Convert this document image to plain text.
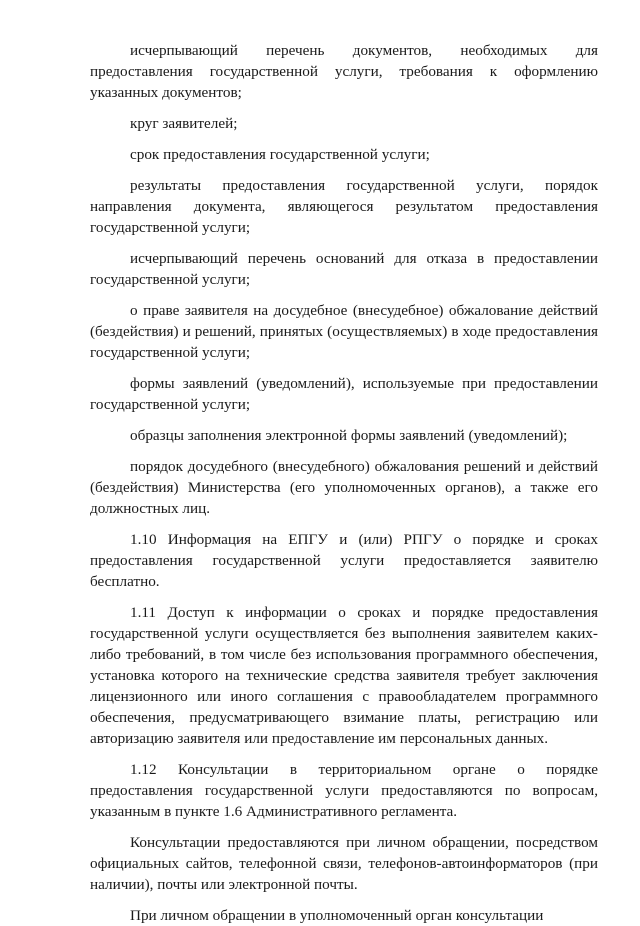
исчерпывающий перечень документов, необходимых для предоставления государственной услуги, требования к оформлению указанных документов;

круг заявителей;

срок предоставления государственной услуги;

результаты предоставления государственной услуги, порядок направления документа, являющегося результатом предоставления государственной услуги;

исчерпывающий перечень оснований для отказа в предоставлении государственной услуги;

о праве заявителя на досудебное (внесудебное) обжалование действий (бездействия) и решений, принятых (осуществляемых) в ходе предоставления государственной услуги;

формы заявлений (уведомлений), используемые при предоставлении государственной услуги;

образцы заполнения электронной формы заявлений (уведомлений);

порядок досудебного (внесудебного) обжалования решений и действий (бездействия) Министерства (его уполномоченных органов), а также его должностных лиц.

1.10 Информация на ЕПГУ и (или) РПГУ о порядке и сроках предоставления государственной услуги предоставляется заявителю бесплатно.

1.11 Доступ к информации о сроках и порядке предоставления государственной услуги осуществляется без выполнения заявителем каких-либо требований, в том числе без использования программного обеспечения, установка которого на технические средства заявителя требует заключения лицензионного или иного соглашения с правообладателем программного обеспечения, предусматривающего взимание платы, регистрацию или авторизацию заявителя или предоставление им персональных данных.

1.12 Консультации в территориальном органе о порядке предоставления государственной услуги предоставляются по вопросам, указанным в пункте 1.6 Административного регламента.

Консультации предоставляются при личном обращении, посредством официальных сайтов, телефонной связи, телефонов-автоинформаторов (при наличии), почты или электронной почты.

При личном обращении в уполномоченный орган консультации
